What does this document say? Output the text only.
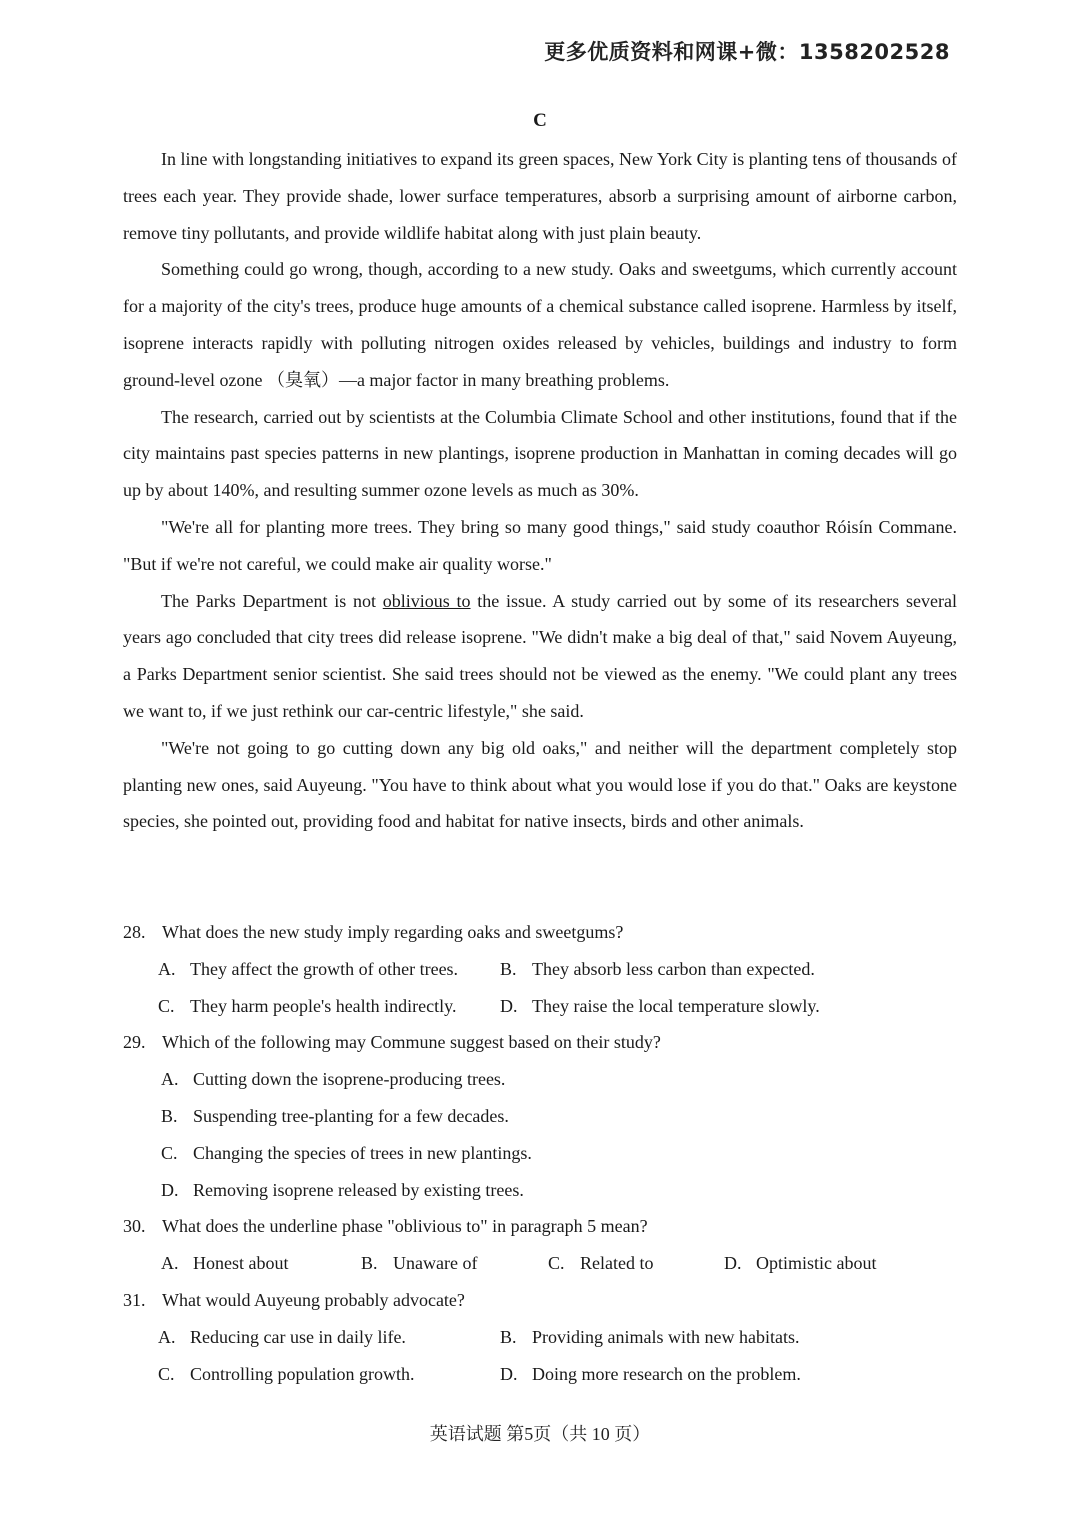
更多优质资料和网课+微：1358202528
C

In line with longstanding initiatives to expand its green spaces, New York City is planting tens of thousands of trees each year. They provide shade, lower surface temperatures, absorb a surprising amount of airborne carbon, remove tiny pollutants, and provide wildlife habitat along with just plain beauty.

Something could go wrong, though, according to a new study. Oaks and sweetgums, which currently account for a majority of the city's trees, produce huge amounts of a chemical substance called isoprene. Harmless by itself, isoprene interacts rapidly with polluting nitrogen oxides released by vehicles, buildings and industry to form ground-level ozone （臭氧）—a major factor in many breathing problems.

The research, carried out by scientists at the Columbia Climate School and other institutions, found that if the city maintains past species patterns in new plantings, isoprene production in Manhattan in coming decades will go up by about 140%, and resulting summer ozone levels as much as 30%.

"We're all for planting more trees. They bring so many good things," said study coauthor Róisín Commane. "But if we're not careful, we could make air quality worse."

The Parks Department is not oblivious to the issue. A study carried out by some of its researchers several years ago concluded that city trees did release isoprene. "We didn't make a big deal of that," said Novem Auyeung, a Parks Department senior scientist. She said trees should not be viewed as the enemy. "We could plant any trees we want to, if we just rethink our car-centric lifestyle," she said.

"We're not going to go cutting down any big old oaks," and neither will the department completely stop planting new ones, said Auyeung. "You have to think about what you would lose if you do that." Oaks are keystone species, she pointed out, providing food and habitat for native insects, birds and other animals.

28. What does the new study imply regarding oaks and sweetgums?
A. They affect the growth of other trees.	B. They absorb less carbon than expected.
C. They harm people's health indirectly.	D. They raise the local temperature slowly.
29. Which of the following may Commune suggest based on their study?
A. Cutting down the isoprene-producing trees.
B. Suspending tree-planting for a few decades.
C. Changing the species of trees in new plantings.
D. Removing isoprene released by existing trees.
30. What does the underline phase "oblivious to" in paragraph 5 mean?
A. Honest about	B. Unaware of	C. Related to	D. Optimistic about
31. What would Auyeung probably advocate?
A. Reducing car use in daily life.	B. Providing animals with new habitats.
C. Controlling population growth.	D. Doing more research on the problem.
英语试题 第5页（共 10 页）
